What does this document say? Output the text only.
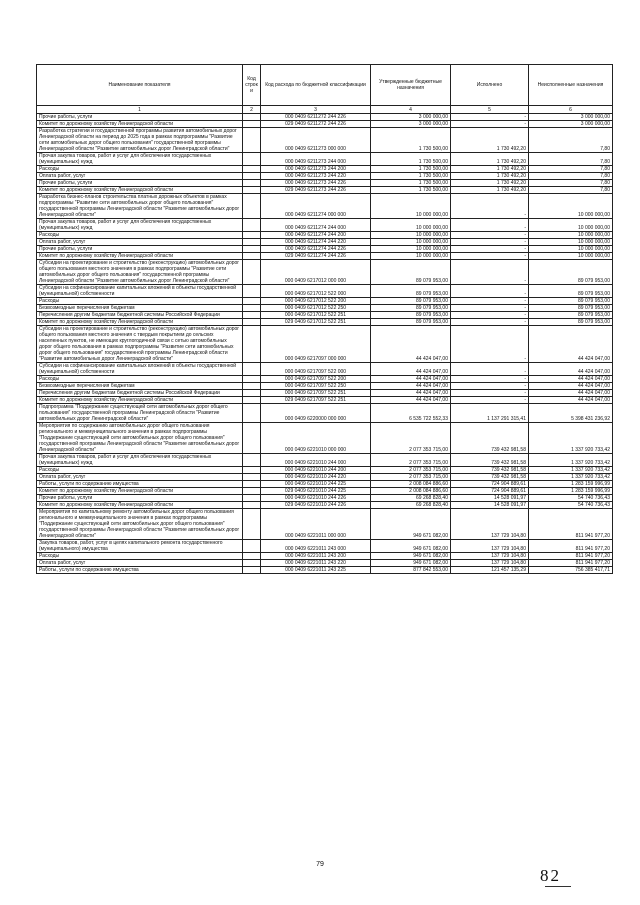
Наименование показателя	Код строк и	Код расхода по бюджетной классификации	Утвержденные бюджетные назначения	Исполнено	Неисполненные назначения
1	2	3	4	5	6
Прочие работы, услуги		000 0409 6211272 244 226	3 000 000,00	-	3 000 000,00
Комитет по дорожному хозяйству Ленинградской области		029 0409 6211272 244 226	3 000 000,00	-	3 000 000,00
Разработка стратегии и государственной программы развития автомобильных дорог Ленинградской области на период до 2025 года в рамках подпрограммы "Развитие сети автомобильных дорог общего пользования" государственной программы Ленинградской области "Развитие автомобильных дорог Ленинградской области"		000 0409 6211273 000 000	1 730 500,00	1 730 492,20	7,80
Прочая закупка товаров, работ и услуг для обеспечения государственных (муниципальных) нужд		000 0409 6211273 244 000	1 730 500,00	1 730 492,20	7,80
Расходы		000 0409 6211273 244 200	1 730 500,00	1 730 492,20	7,80
Оплата работ, услуг		000 0409 6211273 244 220	1 730 500,00	1 730 492,20	7,80
Прочие работы, услуги		000 0409 6211273 244 226	1 730 500,00	1 730 492,20	7,80
Комитет по дорожному хозяйству Ленинградской области		029 0409 6211273 244 226	1 730 500,00	1 730 492,20	7,80
Разработка бизнес-планов строительства платных дорожных объектов в рамках подпрограммы "Развитие сети автомобильных дорог общего пользования" государственной программы Ленинградской области "Развитие автомобильных дорог Ленинградской области"		000 0409 6211274 000 000	10 000 000,00	-	10 000 000,00
Прочая закупка товаров, работ и услуг для обеспечения государственных (муниципальных) нужд		000 0409 6211274 244 000	10 000 000,00	-	10 000 000,00
Расходы		000 0409 6211274 244 200	10 000 000,00	-	10 000 000,00
Оплата работ, услуг		000 0409 6211274 244 220	10 000 000,00	-	10 000 000,00
Прочие работы, услуги		000 0409 6211274 244 226	10 000 000,00	-	10 000 000,00
Комитет по дорожному хозяйству Ленинградской области		029 0409 6211274 244 226	10 000 000,00	-	10 000 000,00
Субсидии на проектирование и строительство (реконструкцию) автомобильных дорог общего пользования местного значения в рамках подпрограммы "Развитие сети автомобильных дорог общего пользования" государственной программы Ленинградской области "Развитие автомобильных дорог Ленинградской области"		000 0409 6217012 000 000	89 079 953,00	-	89 079 953,00
Субсидии на софинансирование капитальных вложений в объекты государственной (муниципальной) собственности		000 0409 6217012 522 000	89 079 953,00	-	89 079 953,00
Расходы		000 0409 6217012 522 200	89 079 953,00	-	89 079 953,00
Безвозмездные перечисления бюджетам		000 0409 6217012 522 250	89 079 953,00	-	89 079 953,00
Перечисления другим бюджетам бюджетной системы Российской Федерации		000 0409 6217012 522 251	89 079 953,00	-	89 079 953,00
Комитет по дорожному хозяйству Ленинградской области		029 0409 6217012 522 251	89 079 953,00	-	89 079 953,00
Субсидии на проектирование и строительство (реконструкцию) автомобильных дорог общего пользования местного значения с твердым покрытием до сельских населенных пунктов, не имеющих круглогодичной связи с сетью автомобильных дорог общего пользования в рамках подпрограммы "Развитие сети автомобильных дорог общего пользования" государственной программы Ленинградской области "Развитие автомобильных дорог Ленинградской области"		000 0409 6217097 000 000	44 424 047,00	-	44 424 047,00
Субсидии на софинансирование капитальных вложений в объекты государственной (муниципальной) собственности		000 0409 6217097 522 000	44 424 047,00	-	44 424 047,00
Расходы		000 0409 6217097 522 200	44 424 047,00	-	44 424 047,00
Безвозмездные перечисления бюджетам		000 0409 6217097 522 250	44 424 047,00	-	44 424 047,00
Перечисления другим бюджетам бюджетной системы Российской Федерации		000 0409 6217097 522 251	44 424 047,00	-	44 424 047,00
Комитет по дорожному хозяйству Ленинградской области		029 0409 6217097 522 251	44 424 047,00	-	44 424 047,00
Подпрограмма "Поддержание существующей сети автомобильных дорог общего пользования" государственной программы Ленинградской области "Развитие автомобильных дорог Ленинградской области"		000 0409 6220000 000 000	6 535 722 552,33	1 137 291 315,41	5 398 431 236,92
Мероприятия по содержанию автомобильных дорог общего пользования регионального и межмуниципального значения в рамках подпрограммы "Поддержание существующей сети автомобильных дорог общего пользования" государственной программы Ленинградской области "Развитие автомобильных дорог Ленинградской области"		000 0409 6221010 000 000	2 077 353 715,00	739 432 981,58	1 337 920 733,42
Прочая закупка товаров, работ и услуг для обеспечения государственных (муниципальных) нужд		000 0409 6221010 244 000	2 077 353 715,00	739 432 981,58	1 337 920 733,42
Расходы		000 0409 6221010 244 200	2 077 353 715,00	739 432 981,58	1 337 920 733,42
Оплата работ, услуг		000 0409 6221010 244 220	2 077 353 715,00	739 432 981,58	1 337 920 733,42
Работы, услуги по содержанию имущества		000 0409 6221010 244 225	2 008 084 886,60	724 904 889,61	1 283 159 996,99
Комитет по дорожному хозяйству Ленинградской области		029 0409 6221010 244 225	2 008 084 886,60	724 904 889,61	1 283 159 996,99
Прочие работы, услуги		000 0409 6221010 244 226	69 268 828,40	14 528 091,97	54 740 736,43
Комитет по дорожному хозяйству Ленинградской области		029 0409 6221010 244 226	69 268 828,40	14 528 091,97	54 740 736,43
Мероприятия по капитальному ремонту автомобильных дорог общего пользования регионального и межмуниципального значения в рамках подпрограммы "Поддержание существующей сети автомобильных дорог общего пользования" государственной программы Ленинградской области "Развитие автомобильных дорог Ленинградской области"		000 0409 6221011 000 000	949 671 082,00	137 729 104,80	811 941 977,20
Закупка товаров, работ, услуг в целях капитального ремонта государственного (муниципального) имущества		000 0409 6221011 243 000	949 671 082,00	137 729 104,80	811 941 977,20
Расходы		000 0409 6221011 243 200	949 671 082,00	137 729 104,80	811 941 977,20
Оплата работ, услуг		000 0409 6221011 243 220	949 671 082,00	137 729 104,80	811 941 977,20
Работы, услуги по содержанию имущества		000 0409 6221011 243 225	877 842 553,00	121 457 135,29	756 385 417,71
79
82
